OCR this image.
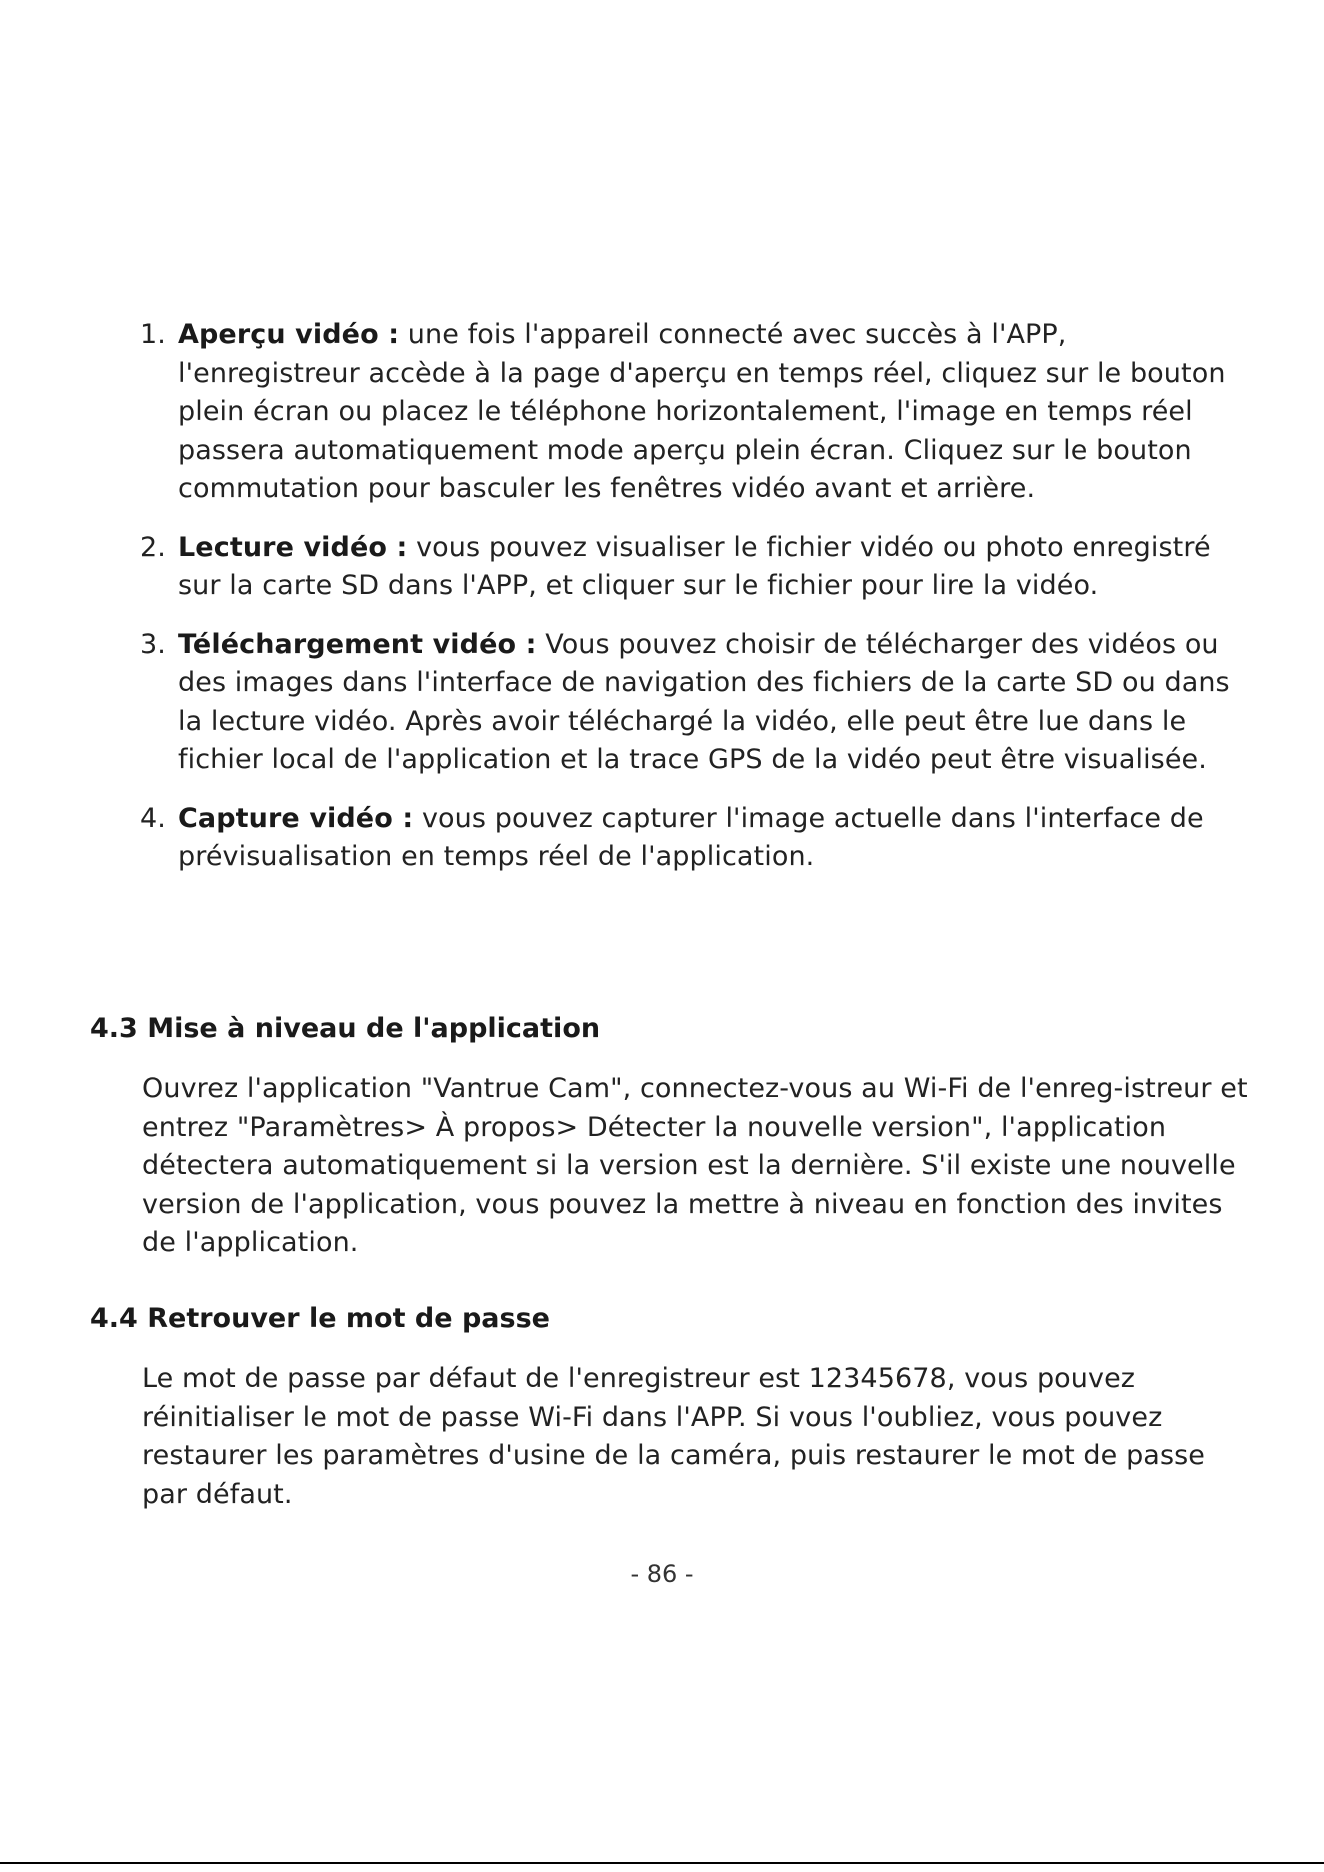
1. Aperçu vidéo : une fois l'appareil connecté avec succès à l'APP, l'enregistreur accède à la page d'aperçu en temps réel, cliquez sur le bouton plein écran ou placez le téléphone horizontalement, l'image en temps réel passera automatiquement mode aperçu plein écran. Cliquez sur le bouton commutation pour basculer les fenêtres vidéo avant et arrière.
2. Lecture vidéo : vous pouvez visualiser le fichier vidéo ou photo enregistré sur la carte SD dans l'APP, et cliquer sur le fichier pour lire la vidéo.
3. Téléchargement vidéo : Vous pouvez choisir de télécharger des vidéos ou des images dans l'interface de navigation des fichiers de la carte SD ou dans la lecture vidéo. Après avoir téléchargé la vidéo, elle peut être lue dans le fichier local de l'application et la trace GPS de la vidéo peut être visualisée.
4. Capture vidéo : vous pouvez capturer l'image actuelle dans l'interface de prévisualisation en temps réel de l'application.
4.3 Mise à niveau de l'application

Ouvrez l'application "Vantrue Cam", connectez-vous au Wi-Fi de l'enreg-istreur et entrez "Paramètres> À propos> Détecter la nouvelle version", l'application détectera automatiquement si la version est la dernière. S'il existe une nouvelle version de l'application, vous pouvez la mettre à niveau en fonction des invites de l'application.

4.4 Retrouver le mot de passe

Le mot de passe par défaut de l'enregistreur est 12345678, vous pouvez réinitialiser le mot de passe Wi-Fi dans l'APP. Si vous l'oubliez, vous pouvez restaurer les paramètres d'usine de la caméra, puis restaurer le mot de passe par défaut.

- 86 -
